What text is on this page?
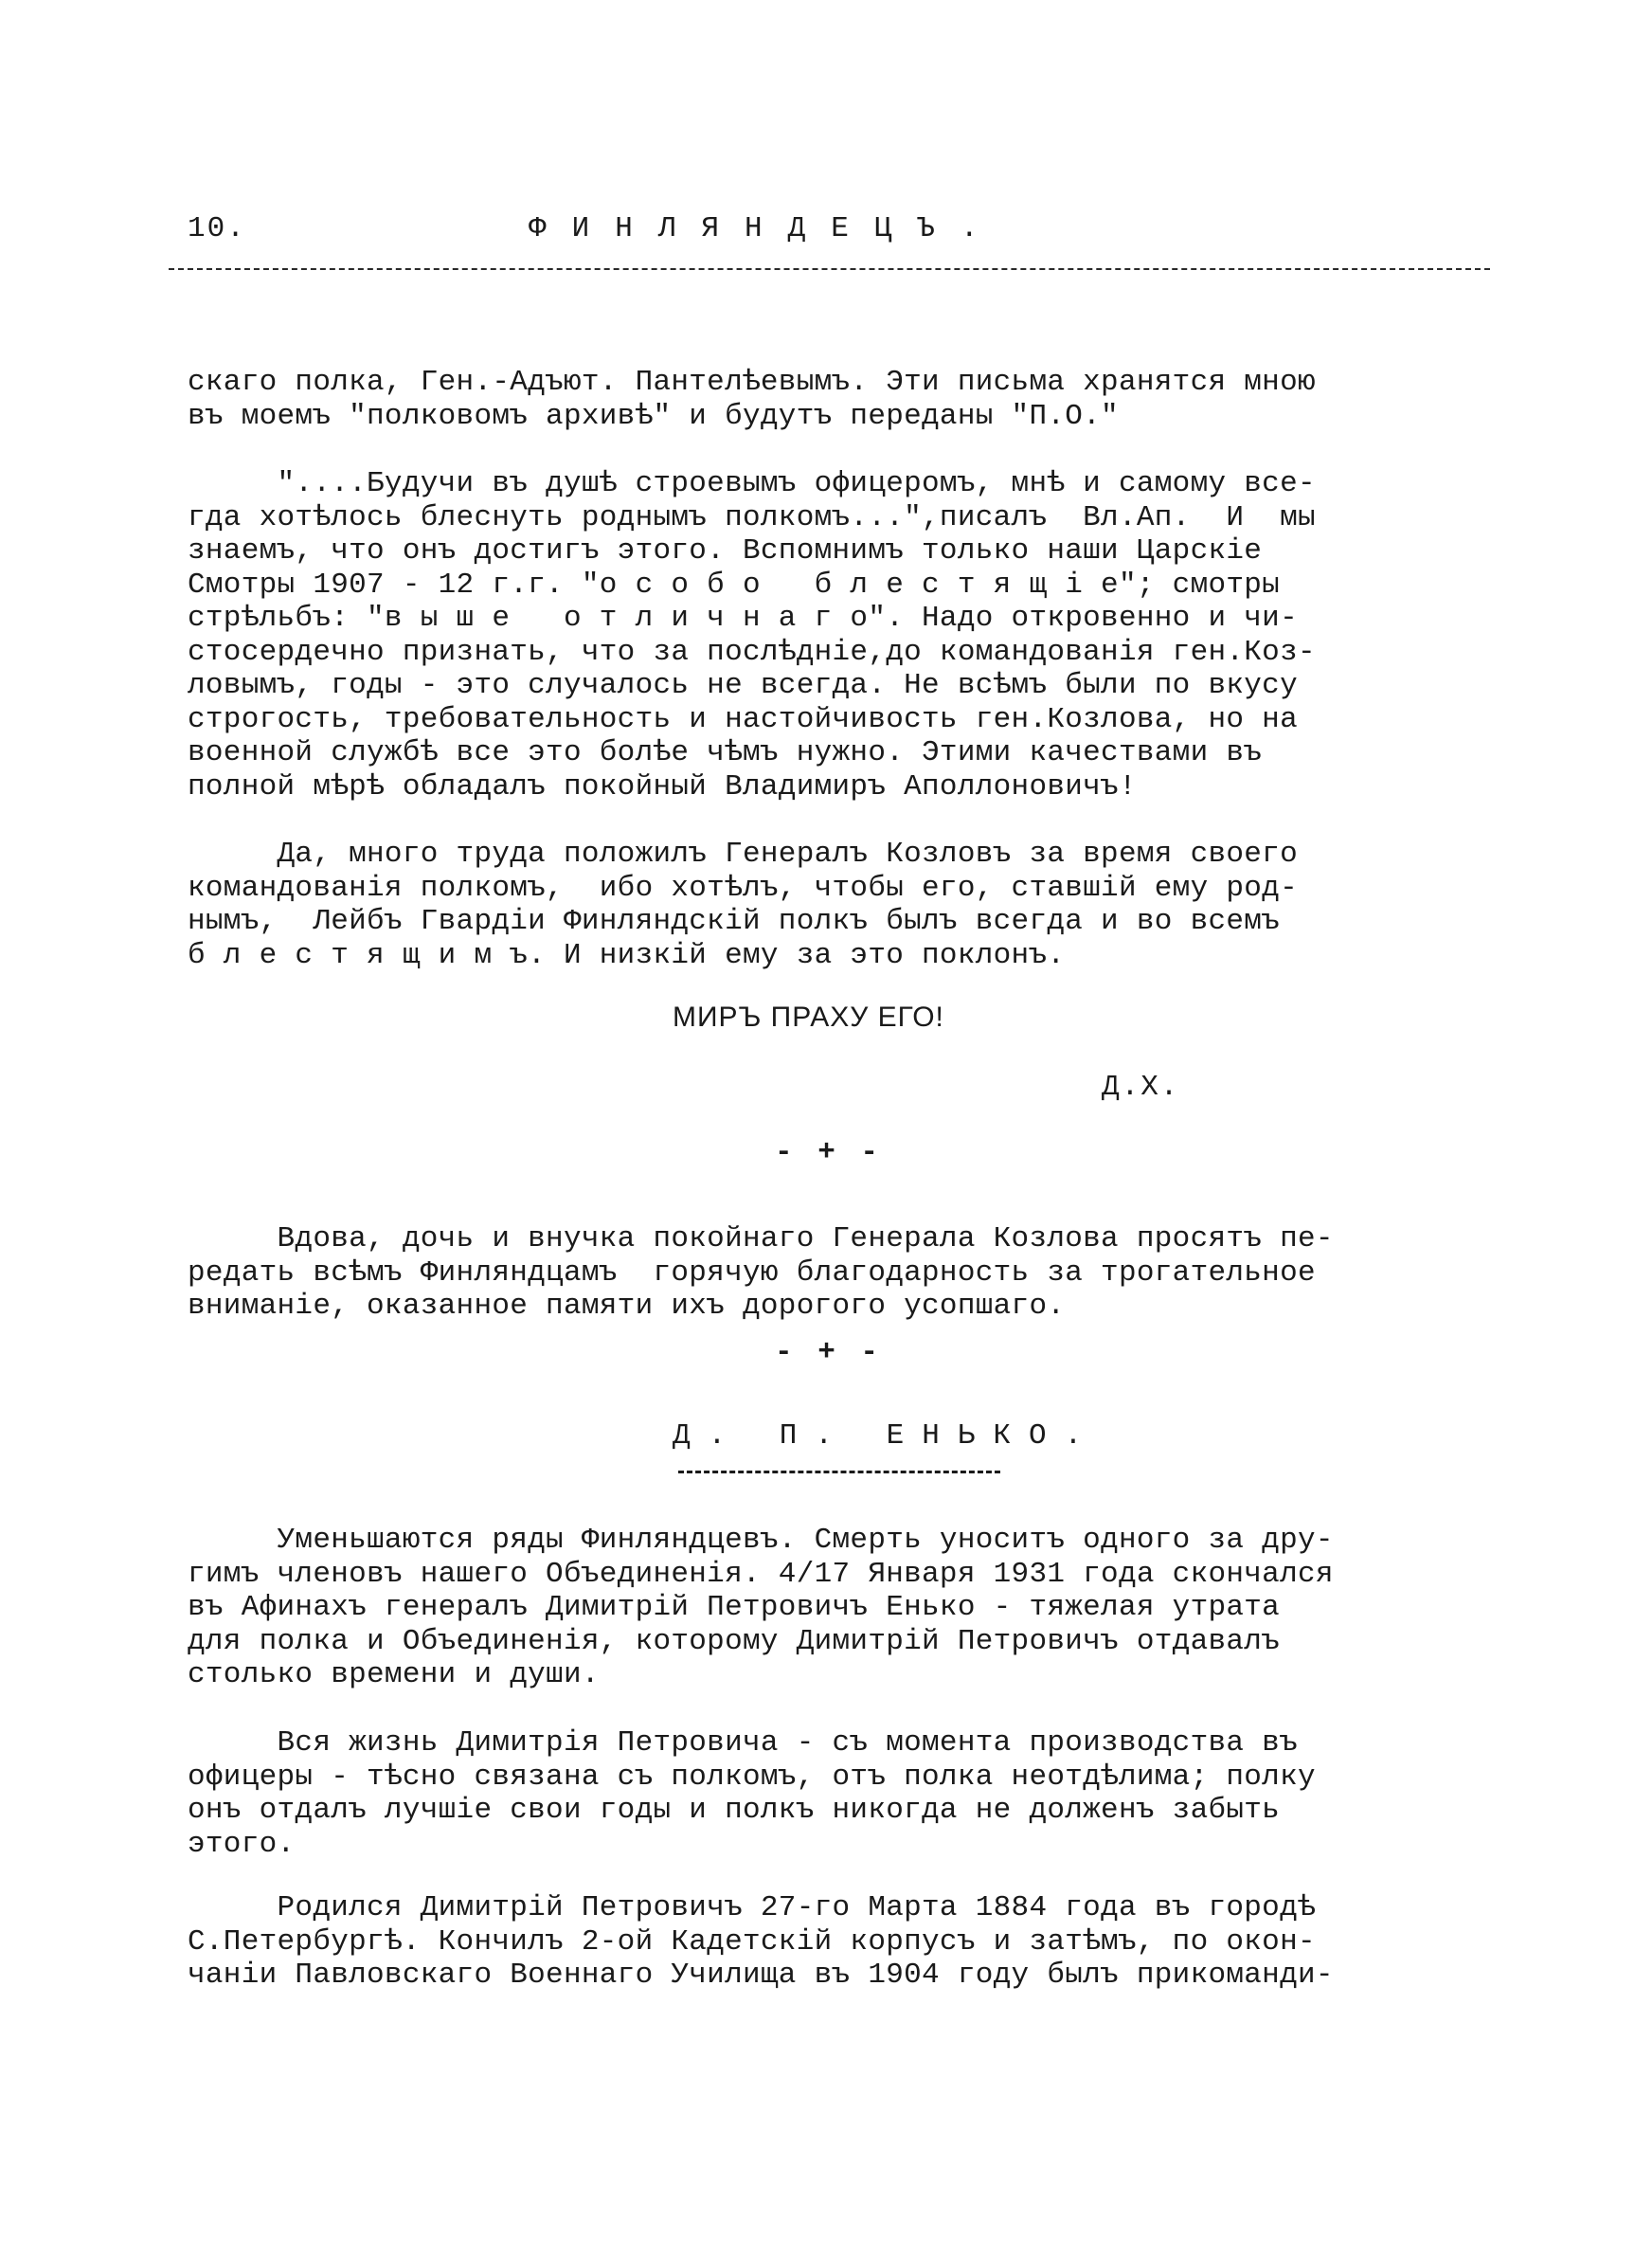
10.	ФИНЛЯНДЕЦЪ.

скаго полка, Ген.-Адъют. Пантелѣевымъ. Эти письма хранятся мною
въ моемъ "полковомъ архивѣ" и будутъ переданы "П.О."

"....Будучи въ душѣ строевымъ офицеромъ, мнѣ и самому все-
гда хотѣлось блеснуть роднымъ полкомъ...",писалъ  Вл.Ап.  И  мы
знаемъ, что онъ достигъ этого. Вспомнимъ только наши Царскіе
Смотры 1907 - 12 г.г. "о с о б о   б л е с т я щ і е"; смотры
стрѣльбъ: "в ы ш е   о т л и ч н а г о". Надо откровенно и чи-
стосердечно признать, что за послѣдніе,до командованія ген.Коз-
ловымъ, годы - это случалось не всегда. Не всѣмъ были по вкусу
строгость, требовательность и настойчивость ген.Козлова, но на
военной службѣ все это болѣе чѣмъ нужно. Этими качествами въ
полной мѣрѣ обладалъ покойный Владимиръ Аполлоновичъ!

Да, много труда положилъ Генералъ Козловъ за время своего
командованія полкомъ,  ибо хотѣлъ, чтобы его, ставшій ему род-
нымъ,  Лейбъ Гвардіи Финляндскій полкъ былъ всегда и во всемъ
б л е с т я щ и м ъ. И низкій ему за это поклонъ.

МИРЪ ПРАХУ ЕГО!

Д.Х.

- + -

Вдова, дочь и внучка покойнаго Генерала Козлова просятъ пе-
редать всѣмъ Финляндцамъ  горячую благодарность за трогательное
вниманіе, оказанное памяти ихъ дорогого усопшаго.

- + -

Д. П. ЕНЬКО.

Уменьшаются ряды Финляндцевъ. Смерть уноситъ одного за дру-
гимъ членовъ нашего Объединенія. 4/17 Января 1931 года скончался
въ Афинахъ генералъ Димитрій Петровичъ Енько - тяжелая утрата
для полка и Объединенія, которому Димитрій Петровичъ отдавалъ
столько времени и души.

Вся жизнь Димитрія Петровича - съ момента производства въ
офицеры - тѣсно связана съ полкомъ, отъ полка неотдѣлима; полку
онъ отдалъ лучшіе свои годы и полкъ никогда не долженъ забыть
этого.

Родился Димитрій Петровичъ 27-го Марта 1884 года въ городѣ
С.Петербургѣ. Кончилъ 2-ой Кадетскій корпусъ и затѣмъ, по окон-
чаніи Павловскаго Военнаго Училища въ 1904 году былъ прикоманди-
